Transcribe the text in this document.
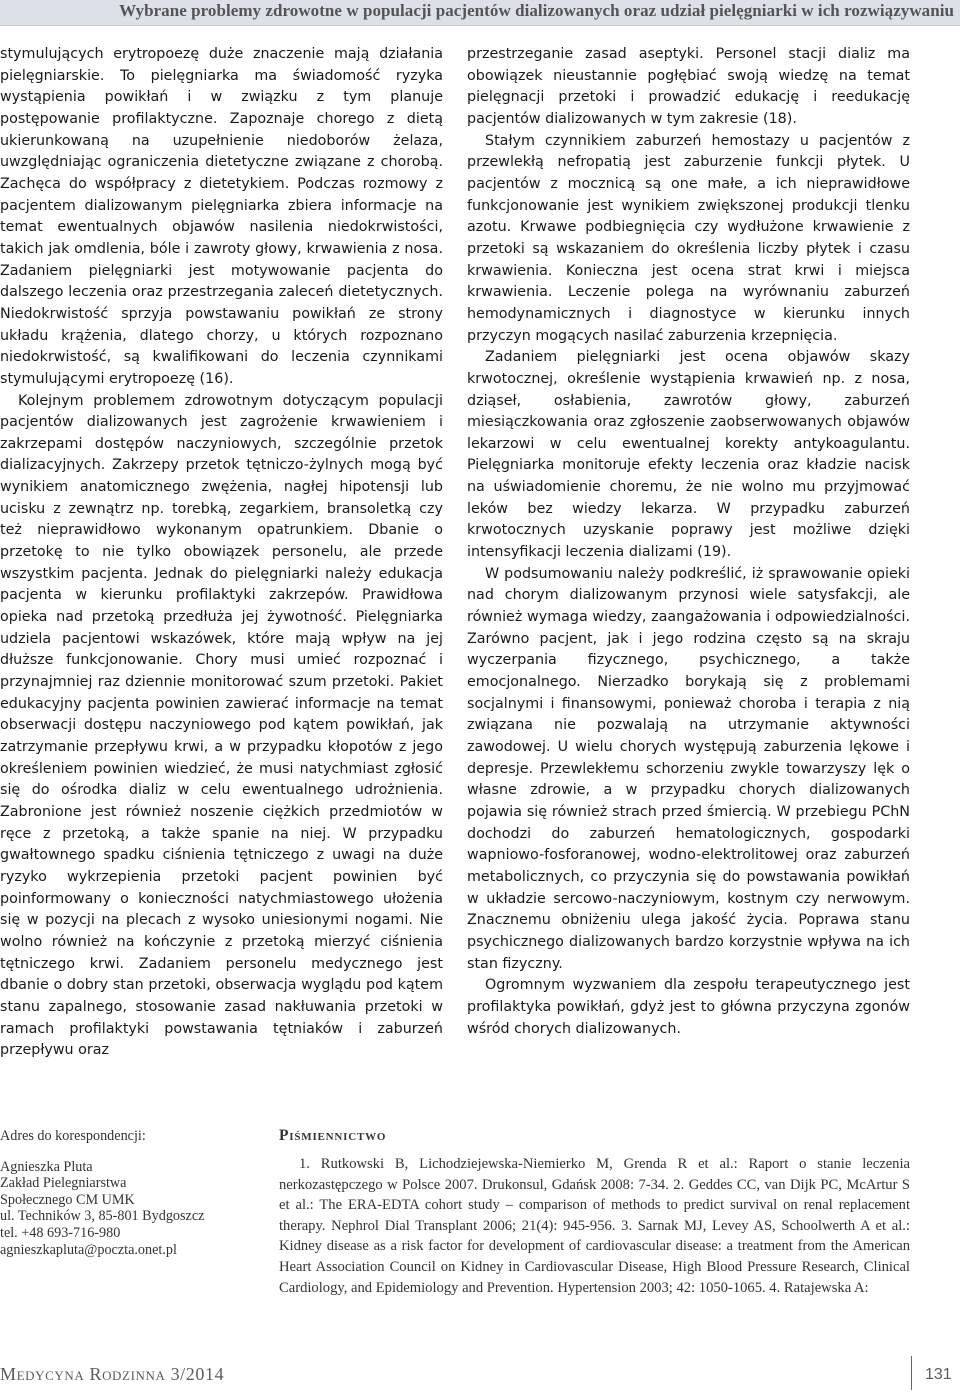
Wybrane problemy zdrowotne w populacji pacjentów dializowanych oraz udział pielęgniarki w ich rozwiązywaniu

stymulujących erytropoezę duże znaczenie mają działania pielęgniarskie. To pielęgniarka ma świadomość ryzyka wystąpienia powikłań i w związku z tym planuje postępowanie profilaktyczne. Zapoznaje chorego z dietą ukierunkowaną na uzupełnienie niedoborów żelaza, uwzględniając ograniczenia dietetyczne związane z chorobą. Zachęca do współpracy z dietetykiem. Podczas rozmowy z pacjentem dializowanym pielęgniarka zbiera informacje na temat ewentualnych objawów nasilenia niedokrwistości, takich jak omdlenia, bóle i zawroty głowy, krwawienia z nosa. Zadaniem pielęgniarki jest motywowanie pacjenta do dalszego leczenia oraz przestrzegania zaleceń dietetycznych. Niedokrwistość sprzyja powstawaniu powikłań ze strony układu krążenia, dlatego chorzy, u których rozpoznano niedokrwistość, są kwalifikowani do leczenia czynnikami stymulującymi erytropoezę (16).

Kolejnym problemem zdrowotnym dotyczącym populacji pacjentów dializowanych jest zagrożenie krwawieniem i zakrzepami dostępów naczyniowych, szczególnie przetok dializacyjnych. Zakrzepy przetok tętniczo-żylnych mogą być wynikiem anatomicznego zwężenia, nagłej hipotensji lub ucisku z zewnątrz np. torebką, zegarkiem, bransoletką czy też nieprawidłowo wykonanym opatrunkiem. Dbanie o przetokę to nie tylko obowiązek personelu, ale przede wszystkim pacjenta. Jednak do pielęgniarki należy edukacja pacjenta w kierunku profilaktyki zakrzepów. Prawidłowa opieka nad przetoką przedłuża jej żywotność. Pielęgniarka udziela pacjentowi wskazówek, które mają wpływ na jej dłuższe funkcjonowanie. Chory musi umieć rozpoznać i przynajmniej raz dziennie monitorować szum przetoki. Pakiet edukacyjny pacjenta powinien zawierać informacje na temat obserwacji dostępu naczyniowego pod kątem powikłań, jak zatrzymanie przepływu krwi, a w przypadku kłopotów z jego określeniem powinien wiedzieć, że musi natychmiast zgłosić się do ośrodka dializ w celu ewentualnego udrożnienia. Zabronione jest również noszenie ciężkich przedmiotów w ręce z przetoką, a także spanie na niej. W przypadku gwałtownego spadku ciśnienia tętniczego z uwagi na duże ryzyko wykrzepienia przetoki pacjent powinien być poinformowany o konieczności natychmiastowego ułożenia się w pozycji na plecach z wysoko uniesionymi nogami. Nie wolno również na kończynie z przetoką mierzyć ciśnienia tętniczego krwi. Zadaniem personelu medycznego jest dbanie o dobry stan przetoki, obserwacja wyglądu pod kątem stanu zapalnego, stosowanie zasad nakłuwania przetoki w ramach profilaktyki powstawania tętniaków i zaburzeń przepływu oraz

przestrzeganie zasad aseptyki. Personel stacji dializ ma obowiązek nieustannie pogłębiać swoją wiedzę na temat pielęgnacji przetoki i prowadzić edukację i reedukację pacjentów dializowanych w tym zakresie (18).

Stałym czynnikiem zaburzeń hemostazy u pacjentów z przewlekłą nefropatią jest zaburzenie funkcji płytek. U pacjentów z mocznicą są one małe, a ich nieprawidłowe funkcjonowanie jest wynikiem zwiększonej produkcji tlenku azotu. Krwawe podbiegnięcia czy wydłużone krwawienie z przetoki są wskazaniem do określenia liczby płytek i czasu krwawienia. Konieczna jest ocena strat krwi i miejsca krwawienia. Leczenie polega na wyrównaniu zaburzeń hemodynamicznych i diagnostyce w kierunku innych przyczyn mogących nasilać zaburzenia krzepnięcia.

Zadaniem pielęgniarki jest ocena objawów skazy krwotocznej, określenie wystąpienia krwawień np. z nosa, dziąseł, osłabienia, zawrotów głowy, zaburzeń miesiączkowania oraz zgłoszenie zaobserwowanych objawów lekarzowi w celu ewentualnej korekty antykoagulantu. Pielęgniarka monitoruje efekty leczenia oraz kładzie nacisk na uświadomienie choremu, że nie wolno mu przyjmować leków bez wiedzy lekarza. W przypadku zaburzeń krwotocznych uzyskanie poprawy jest możliwe dzięki intensyfikacji leczenia dializami (19).

W podsumowaniu należy podkreślić, iż sprawowanie opieki nad chorym dializowanym przynosi wiele satysfakcji, ale również wymaga wiedzy, zaangażowania i odpowiedzialności. Zarówno pacjent, jak i jego rodzina często są na skraju wyczerpania fizycznego, psychicznego, a także emocjonalnego. Nierzadko borykają się z problemami socjalnymi i finansowymi, ponieważ choroba i terapia z nią związana nie pozwalają na utrzymanie aktywności zawodowej. U wielu chorych występują zaburzenia lękowe i depresje. Przewlekłemu schorzeniu zwykle towarzyszy lęk o własne zdrowie, a w przypadku chorych dializowanych pojawia się również strach przed śmiercią. W przebiegu PChN dochodzi do zaburzeń hematologicznych, gospodarki wapniowo-fosforanowej, wodno-elektrolitowej oraz zaburzeń metabolicznych, co przyczynia się do powstawania powikłań w układzie sercowo-naczyniowym, kostnym czy nerwowym. Znacznemu obniżeniu ulega jakość życia. Poprawa stanu psychicznego dializowanych bardzo korzystnie wpływa na ich stan fizyczny.

Ogromnym wyzwaniem dla zespołu terapeutycznego jest profilaktyka powikłań, gdyż jest to główna przyczyna zgonów wśród chorych dializowanych.

Adres do korespondencji:
Agnieszka Pluta
Zakład Pielegniarstwa
Społecznego CM UMK
ul. Techników 3, 85-801 Bydgoszcz
tel. +48 693-716-980
agnieszkapluta@poczta.onet.pl
Piśmiennictwo

1. Rutkowski B, Lichodziejewska-Niemierko M, Grenda R et al.: Raport o stanie leczenia nerkozastępczego w Polsce 2007. Drukonsul, Gdańsk 2008: 7-34. 2. Geddes CC, van Dijk PC, McArtur S et al.: The ERA-EDTA cohort study – comparison of methods to predict survival on renal replacement therapy. Nephrol Dial Transplant 2006; 21(4): 945-956. 3. Sarnak MJ, Levey AS, Schoolwerth A et al.: Kidney disease as a risk factor for development of cardiovascular disease: a treatment from the American Heart Association Council on Kidney in Cardiovascular Disease, High Blood Pressure Research, Clinical Cardiology, and Epidemiology and Prevention. Hypertension 2003; 42: 1050-1065. 4. Ratajewska A:

Medycyna Rodzinna 3/2014	131
